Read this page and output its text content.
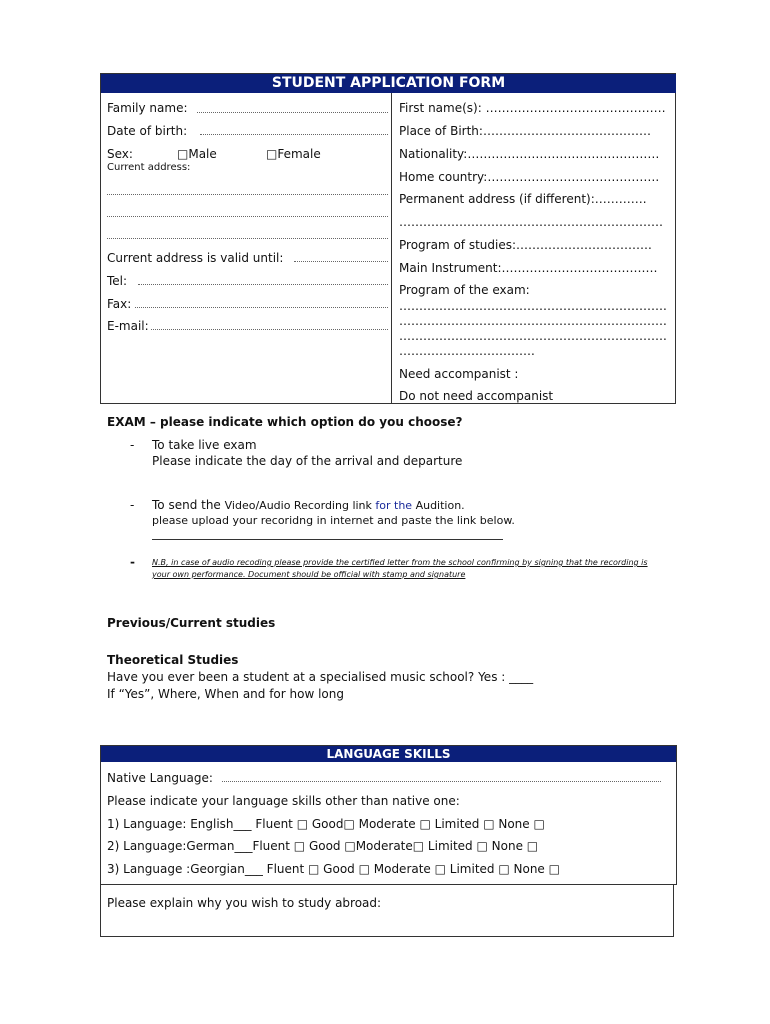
STUDENT APPLICATION FORM
Family name:
Date of birth:
Sex:	□Male	□Female
Current address:
Current address is valid until:
Tel:
Fax:
E-mail:
First name(s): ………………………………………
Place of Birth:……………………………………
Nationality:…………………………………………
Home country:…………………………………….
Permanent address (if different):………….
…………………………………………………………
Program of studies:…………………………….
Main Instrument:…………………………………
Program of the exam:
………………………………………………………….
………………………………………………………….
………………………………………………………….
…………………………….
Need accompanist :
Do not need accompanist
EXAM – please indicate which option do you choose?
- To take live exam
Please indicate the day of the arrival and departure
- To send the Video/Audio Recording link for the Audition.
please upload your recoridng in internet and paste the link below.
- N.B, in case of audio recoding please provide the certified letter from the school confirming by signing that the recording is
your own performance. Document should be official with stamp and signature
Previous/Current studies
Theoretical Studies
Have you ever been a student at a specialised music school? Yes : ____
If “Yes”, Where, When and for how long
LANGUAGE SKILLS
Native Language:
Please indicate your language skills other than native one:
1) Language: English___ Fluent □ Good□ Moderate □ Limited □ None □
2) Language:German___Fluent □ Good □Moderate□ Limited □ None □
3) Language :Georgian___ Fluent □ Good □ Moderate □ Limited □ None □
Please explain why you wish to study abroad:
